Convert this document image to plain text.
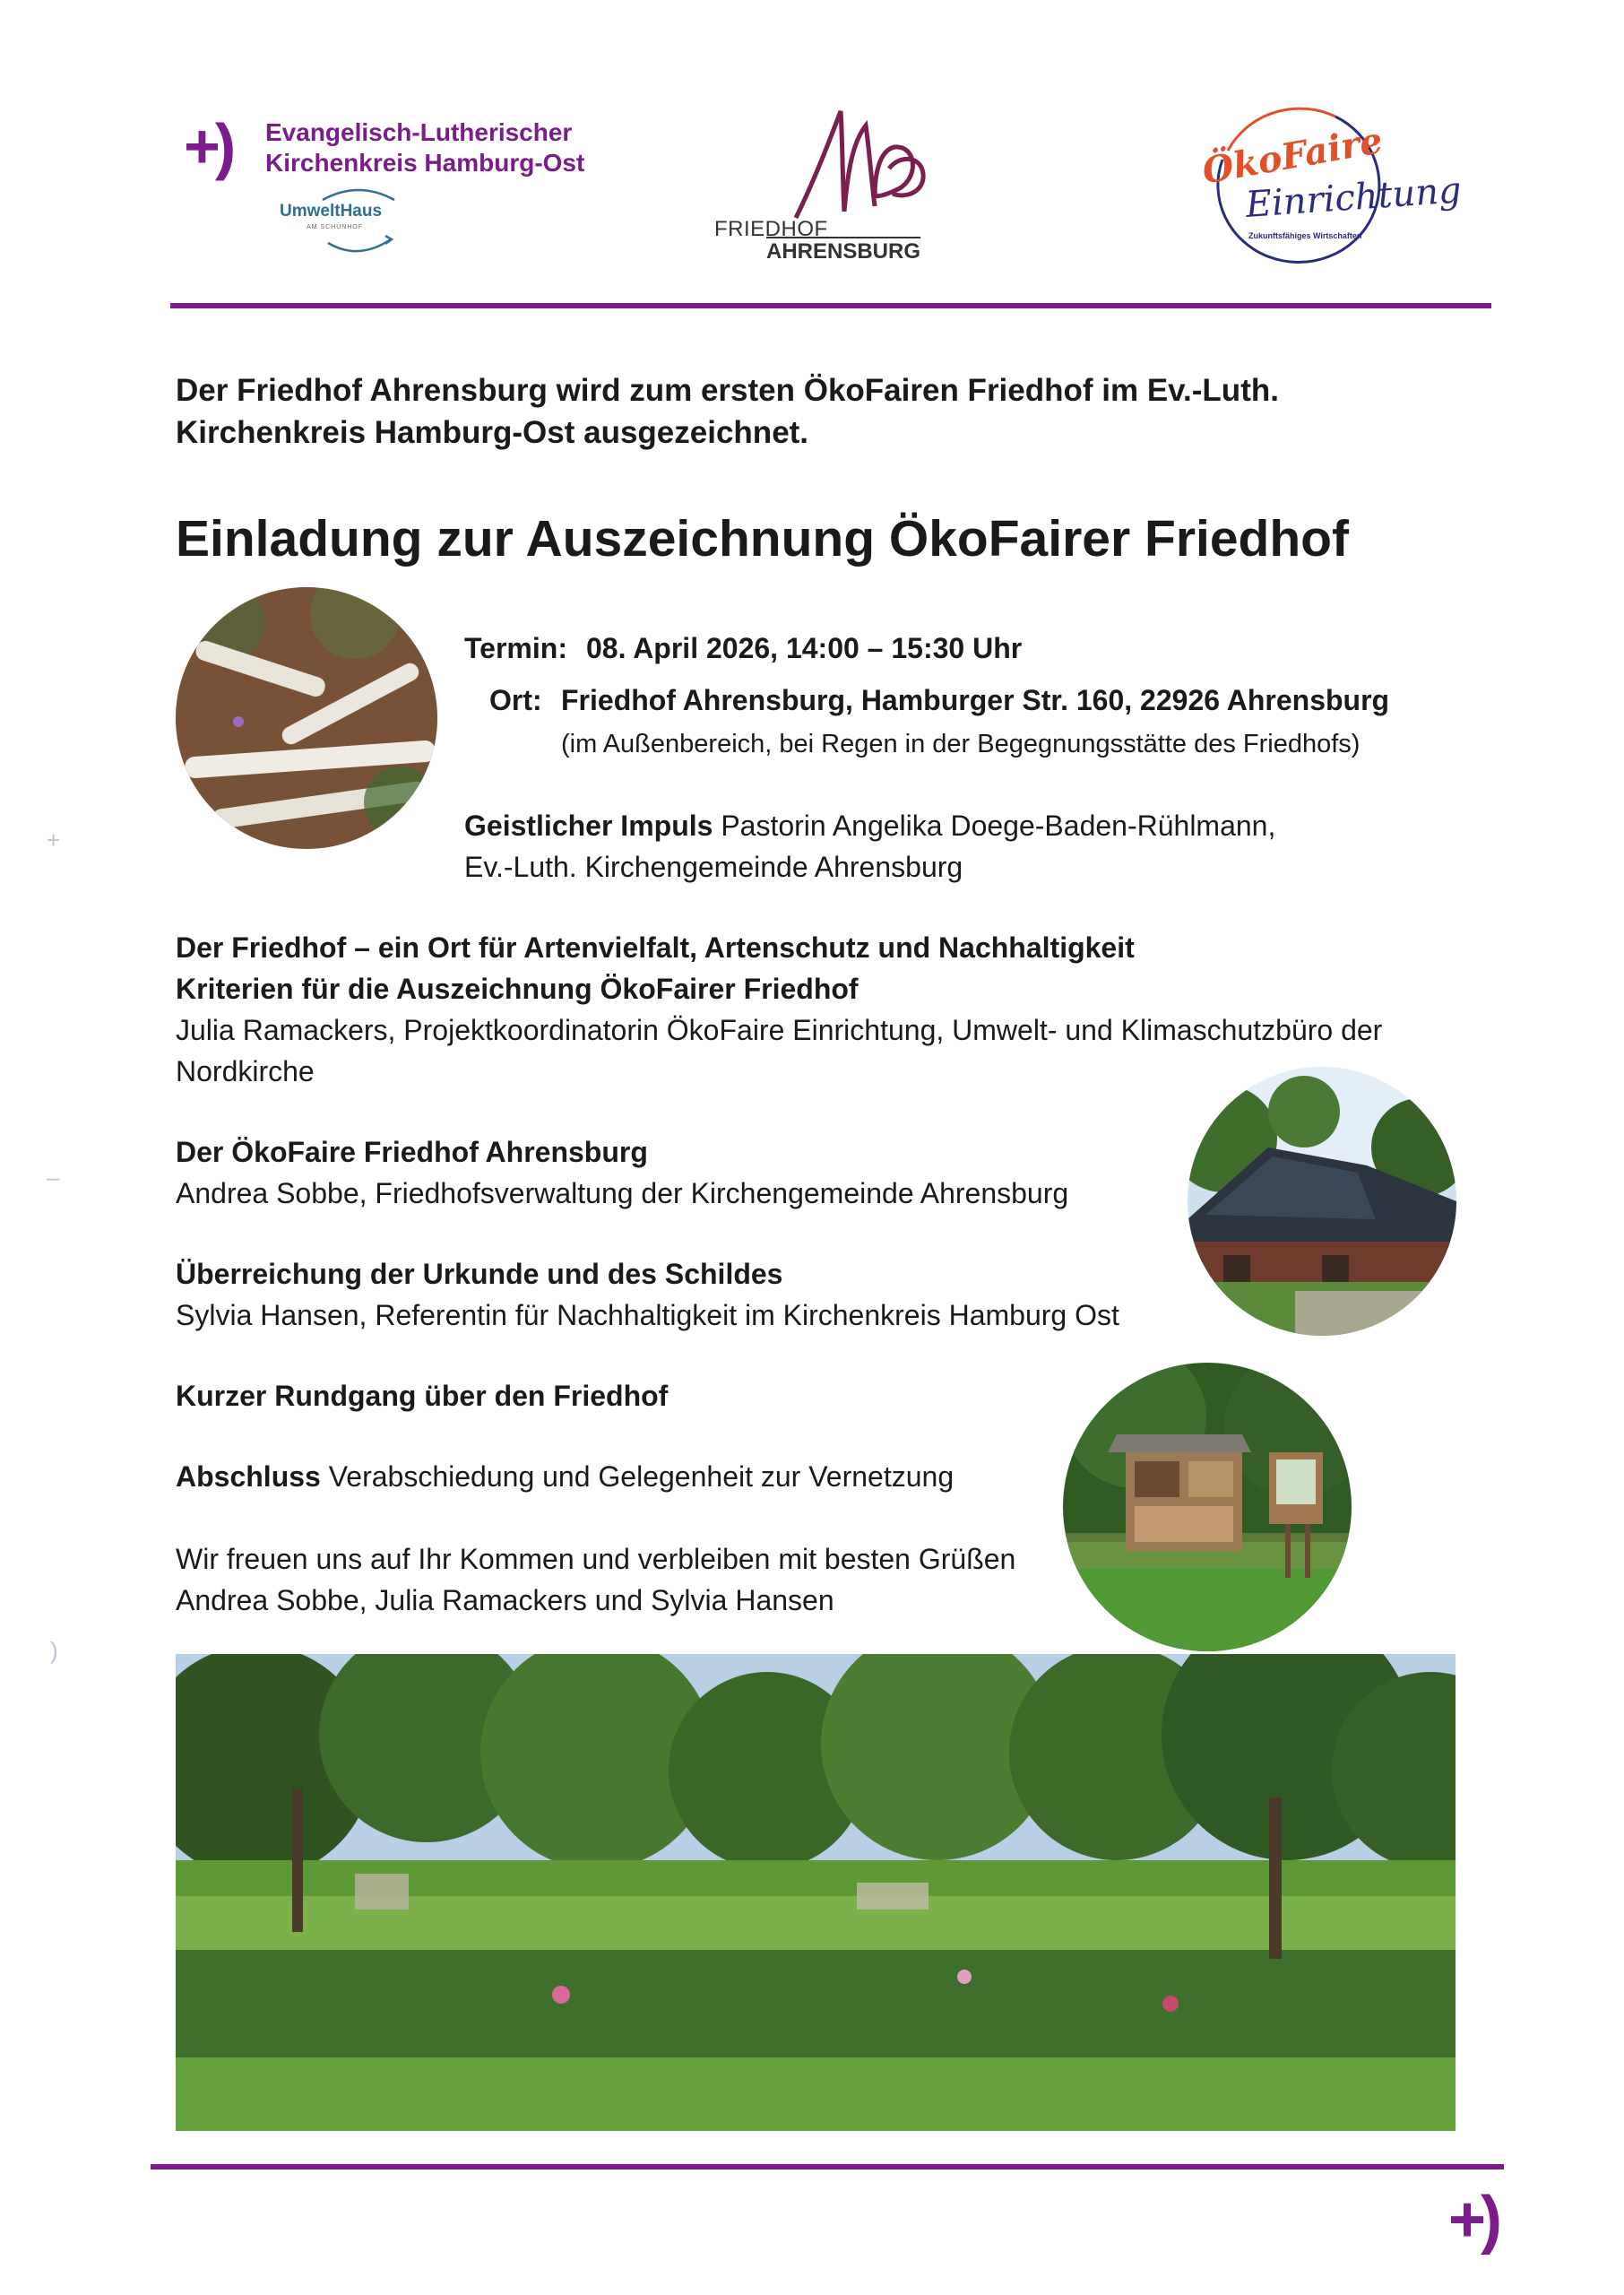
+) Evangelisch-Lutherischer
Kirchenkreis Hamburg-Ost
UmweltHaus
AM SCHÜNHOF	FRIEDHOF
AHRENSBURG
ÖkoFaire
Einrichtung
Zukunftsfähiges Wirtschaften
Der Friedhof Ahrensburg wird zum ersten ÖkoFairen Friedhof im Ev.-Luth. Kirchenkreis Hamburg-Ost ausgezeichnet.
Einladung zur Auszeichnung ÖkoFairer Friedhof
Termin: 08. April 2026, 14:00 – 15:30 Uhr
Ort: Friedhof Ahrensburg, Hamburger Str. 160, 22926 Ahrensburg
(im Außenbereich, bei Regen in der Begegnungsstätte des Friedhofs)
Geistlicher Impuls Pastorin Angelika Doege-Baden-Rühlmann,
Ev.-Luth. Kirchengemeinde Ahrensburg
Der Friedhof – ein Ort für Artenvielfalt, Artenschutz und Nachhaltigkeit
Kriterien für die Auszeichnung ÖkoFairer Friedhof
Julia Ramackers, Projektkoordinatorin ÖkoFaire Einrichtung, Umwelt- und Klimaschutzbüro der
Nordkirche
Der ÖkoFaire Friedhof Ahrensburg
Andrea Sobbe, Friedhofsverwaltung der Kirchengemeinde Ahrensburg
Überreichung der Urkunde und des Schildes
Sylvia Hansen, Referentin für Nachhaltigkeit im Kirchenkreis Hamburg Ost
Kurzer Rundgang über den Friedhof
Abschluss Verabschiedung und Gelegenheit zur Vernetzung
Wir freuen uns auf Ihr Kommen und verbleiben mit besten Grüßen
Andrea Sobbe, Julia Ramackers und Sylvia Hansen
+
–
)
+)
